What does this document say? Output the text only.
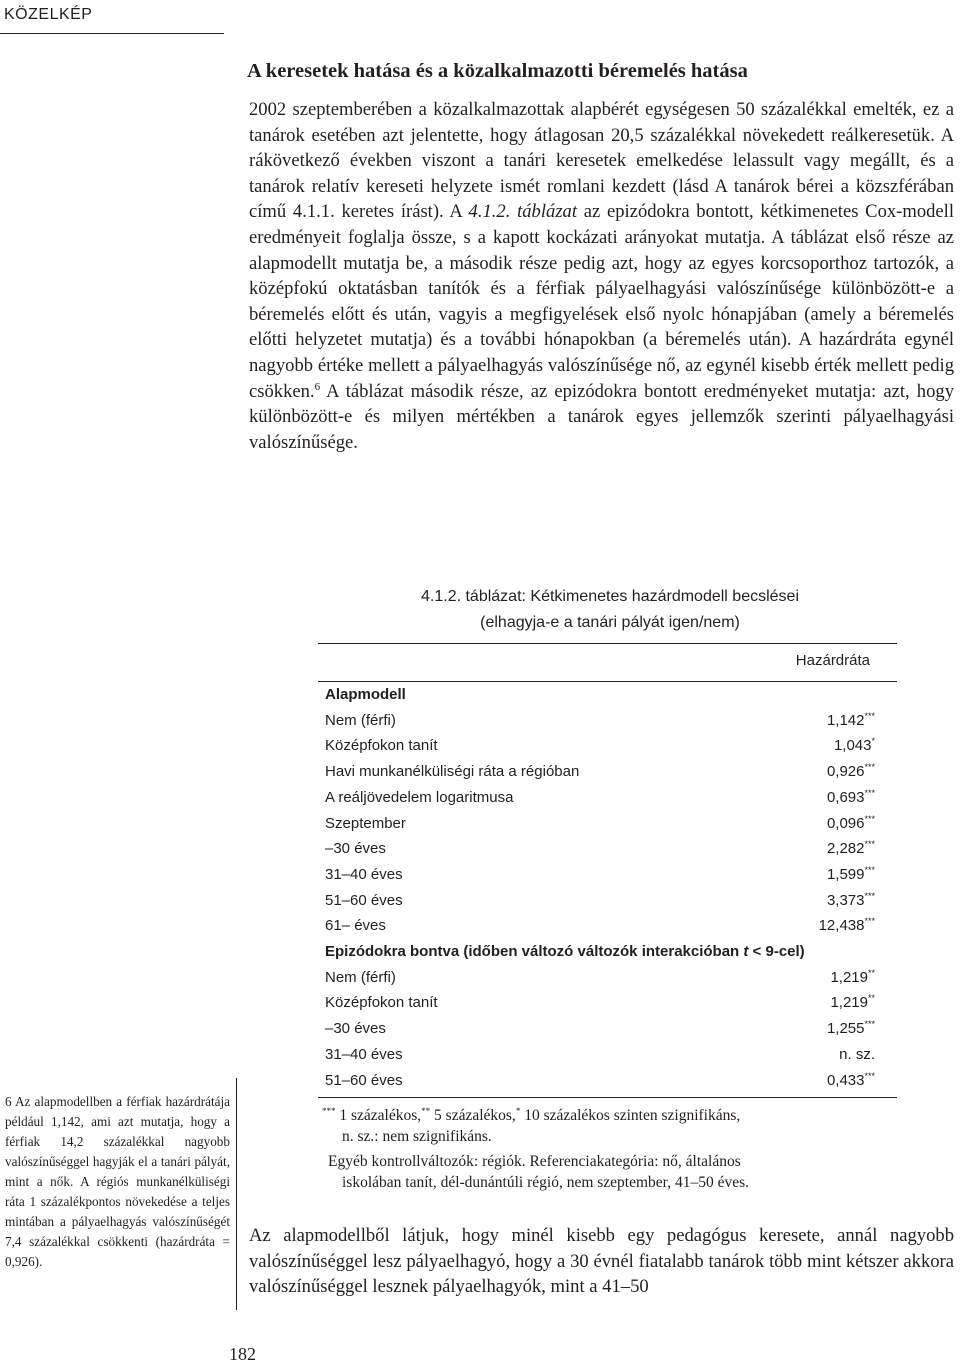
KÖZELKÉP
A keresetek hatása és a közalkalmazotti béremelés hatása

2002 szeptemberében a közalkalmazottak alapbérét egységesen 50 százalékkal emelték, ez a tanárok esetében azt jelentette, hogy átlagosan 20,5 százalékkal növekedett reálkeresetük. A rákövetkező években viszont a tanári keresetek emelkedése lelassult vagy megállt, és a tanárok relatív kereseti helyzete ismét romlani kezdett (lásd A tanárok bérei a közszférában című 4.1.1. keretes írást). A 4.1.2. táblázat az epizódokra bontott, kétkimenetes Cox-modell eredményeit foglalja össze, s a kapott kockázati arányokat mutatja. A táblázat első része az alapmodellt mutatja be, a második része pedig azt, hogy az egyes korcsoporthoz tartozók, a középfokú oktatásban tanítók és a férfiak pályaelhagyási valószínűsége különbözött-e a béremelés előtt és után, vagyis a megfigyelések első nyolc hónapjában (amely a béremelés előtti helyzetet mutatja) és a további hónapokban (a béremelés után). A hazárdráta egynél nagyobb értéke mellett a pályaelhagyás valószínűsége nő, az egynél kisebb érték mellett pedig csökken.$^6$ A táblázat második része, az epizódokra bontott eredményeket mutatja: azt, hogy különbözött-e és milyen mértékben a tanárok egyes jellemzők szerinti pályaelhagyási valószínűsége.

4.1.2. táblázat: Kétkimenetes hazárdmodell becslései
(elhagyja-e a tanári pályát igen/nem)
Hazárdráta
Alapmodell
Nem (férfi)	1,142***
Középfokon tanít	1,043*
Havi munkanélküliségi ráta a régióban	0,926***
A reáljövedelem logaritmusa	0,693***
Szeptember	0,096***
–30 éves	2,282***
31–40 éves	1,599***
51–60 éves	3,373***
61– éves	12,438***
Epizódokra bontva (időben változó változók interakcióban t < 9-cel)
Nem (férfi)	1,219**
Középfokon tanít	1,219**
–30 éves	1,255***
31–40 éves	n. sz.
51–60 éves	0,433***
*** 1 százalékos,** 5 százalékos,* 10 százalékos szinten szignifikáns,
n. sz.: nem szignifikáns.
Egyéb kontrollváltozók: régiók. Referenciakategória: nő, általános
iskolában tanít, dél-dunántúli régió, nem szeptember, 41–50 éves.

Az alapmodellből látjuk, hogy minél kisebb egy pedagógus keresete, annál nagyobb valószínűséggel lesz pályaelhagyó, hogy a 30 évnél fiatalabb tanárok több mint kétszer akkora valószínűséggel lesznek pályaelhagyók, mint a 41–50

6 Az alapmodellben a férfiak hazárdrátája például 1,142, ami azt mutatja, hogy a férfiak 14,2 százalékkal nagyobb valószínűséggel hagyják el a tanári pályát, mint a nők. A régiós munkanélküliségi ráta 1 százalékpontos növekedése a teljes mintában a pályaelhagyás valószínűségét 7,4 százalékkal csökkenti (hazárdráta = 0,926).
182
